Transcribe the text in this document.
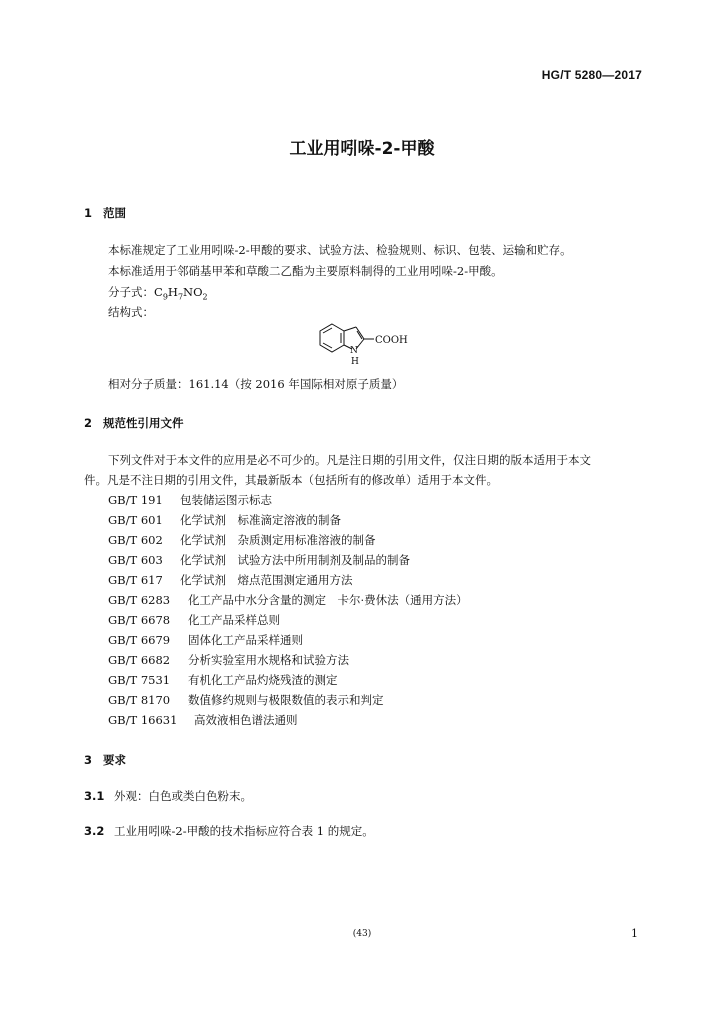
HG/T 5280—2017
工业用吲哚-2-甲酸
1 范围
本标准规定了工业用吲哚-2-甲酸的要求、试验方法、检验规则、标识、包装、运输和贮存。
本标准适用于邻硝基甲苯和草酸二乙酯为主要原料制得的工业用吲哚-2-甲酸。
分子式：$C_9H_7NO_2$
结构式：
COOH
N
H
相对分子质量：161.14（按 2016 年国际相对原子质量）
2 规范性引用文件
下列文件对于本文件的应用是必不可少的。凡是注日期的引用文件，仅注日期的版本适用于本文
件。凡是不注日期的引用文件，其最新版本（包括所有的修改单）适用于本文件。
GB/T 191 包装储运图示标志
GB/T 601 化学试剂　标准滴定溶液的制备
GB/T 602 化学试剂　杂质测定用标准溶液的制备
GB/T 603 化学试剂　试验方法中所用制剂及制品的制备
GB/T 617 化学试剂　熔点范围测定通用方法
GB/T 6283 化工产品中水分含量的测定　卡尔·费休法（通用方法）
GB/T 6678 化工产品采样总则
GB/T 6679 固体化工产品采样通则
GB/T 6682 分析实验室用水规格和试验方法
GB/T 7531 有机化工产品灼烧残渣的测定
GB/T 8170 数值修约规则与极限数值的表示和判定
GB/T 16631 高效液相色谱法通则
3 要求
3.1 外观：白色或类白色粉末。
3.2 工业用吲哚-2-甲酸的技术指标应符合表 1 的规定。
(43)	1
